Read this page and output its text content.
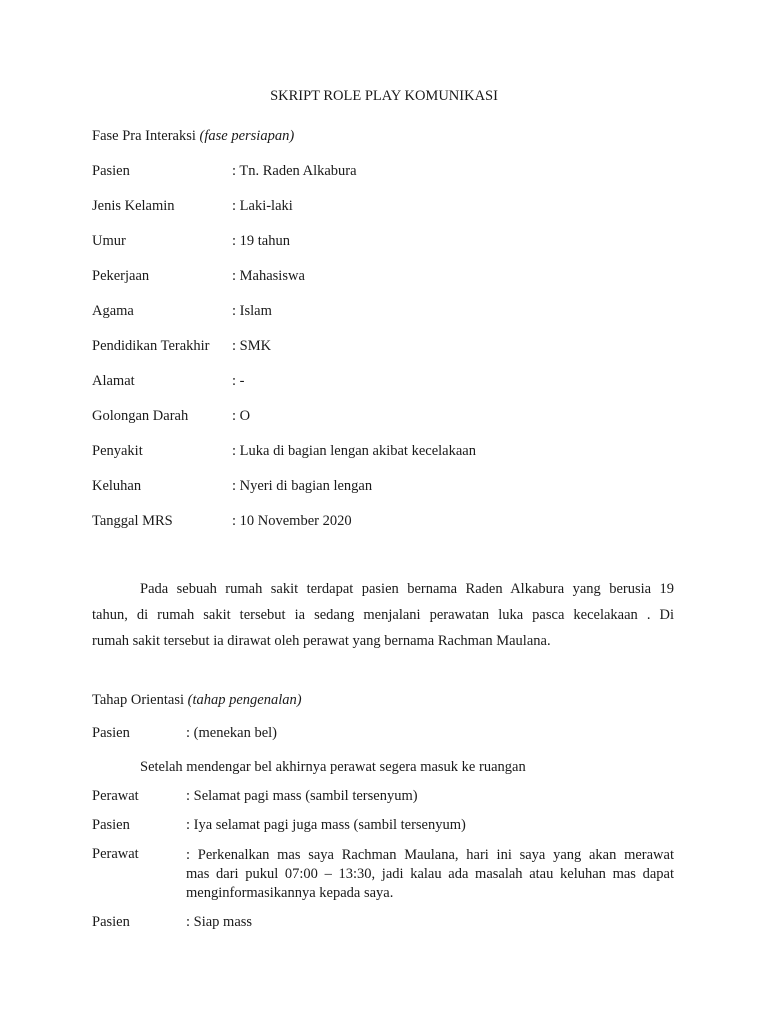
SKRIPT ROLE PLAY KOMUNIKASI
Fase Pra Interaksi (fase persiapan)
Pasien	: Tn. Raden Alkabura
Jenis Kelamin	: Laki-laki
Umur	: 19 tahun
Pekerjaan	: Mahasiswa
Agama	: Islam
Pendidikan Terakhir : SMK
Alamat	: -
Golongan Darah	: O
Penyakit	: Luka di bagian lengan akibat kecelakaan
Keluhan	: Nyeri di bagian lengan
Tanggal MRS	: 10 November 2020
Pada sebuah rumah sakit terdapat pasien bernama Raden Alkabura yang berusia 19
tahun, di rumah sakit tersebut ia sedang menjalani perawatan luka pasca kecelakaan . Di
rumah sakit tersebut ia dirawat oleh perawat yang bernama Rachman Maulana.
Tahap Orientasi (tahap pengenalan)
Pasien	: (menekan bel)
Setelah mendengar bel akhirnya perawat segera masuk ke ruangan
Perawat	: Selamat pagi mass (sambil tersenyum)
Pasien	: Iya selamat pagi juga mass (sambil tersenyum)
Perawat	: Perkenalkan mas saya Rachman Maulana, hari ini saya yang akan merawat
mas dari pukul 07:00 – 13:30, jadi kalau ada masalah atau keluhan mas dapat
menginformasikannya kepada saya.
Pasien	: Siap mass
